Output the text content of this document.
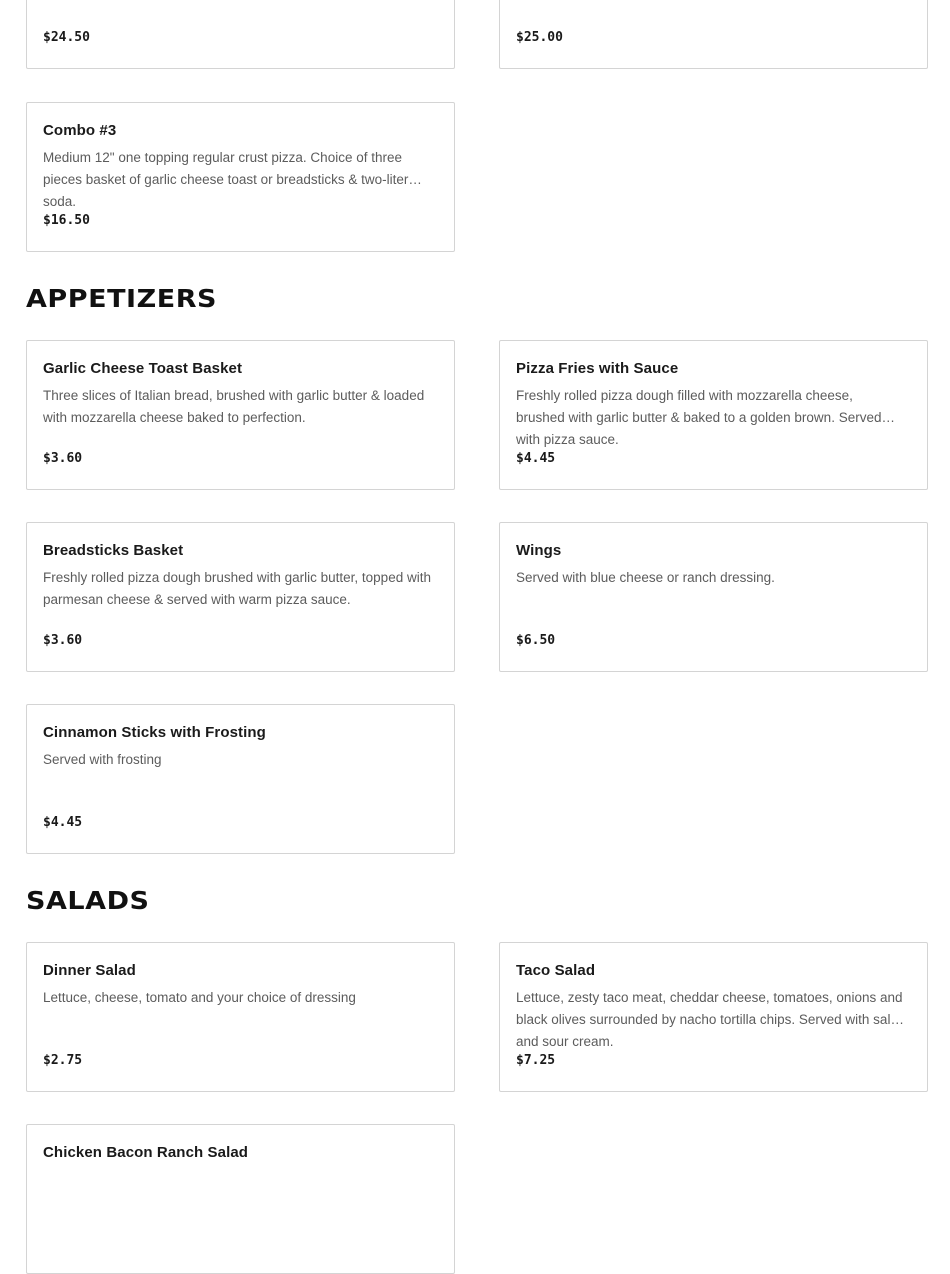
$24.50	$25.00
Combo #3
Medium 12" one topping regular crust pizza. Choice of three pieces basket of garlic cheese toast or breadsticks & two-liter soda.
$16.50
APPETIZERS
Garlic Cheese Toast Basket
Three slices of Italian bread, brushed with garlic butter & loaded with mozzarella cheese baked to perfection.
$3.60
Pizza Fries with Sauce
Freshly rolled pizza dough filled with mozzarella cheese, brushed with garlic butter & baked to a golden brown. Served with pizza sauce.
$4.45
Breadsticks Basket
Freshly rolled pizza dough brushed with garlic butter, topped with parmesan cheese & served with warm pizza sauce.
$3.60
Wings
Served with blue cheese or ranch dressing.
$6.50
Cinnamon Sticks with Frosting
Served with frosting
$4.45
SALADS
Dinner Salad
Lettuce, cheese, tomato and your choice of dressing
$2.75
Taco Salad
Lettuce, zesty taco meat, cheddar cheese, tomatoes, onions and black olives surrounded by nacho tortilla chips. Served with salsa and sour cream.
$7.25
Chicken Bacon Ranch Salad
